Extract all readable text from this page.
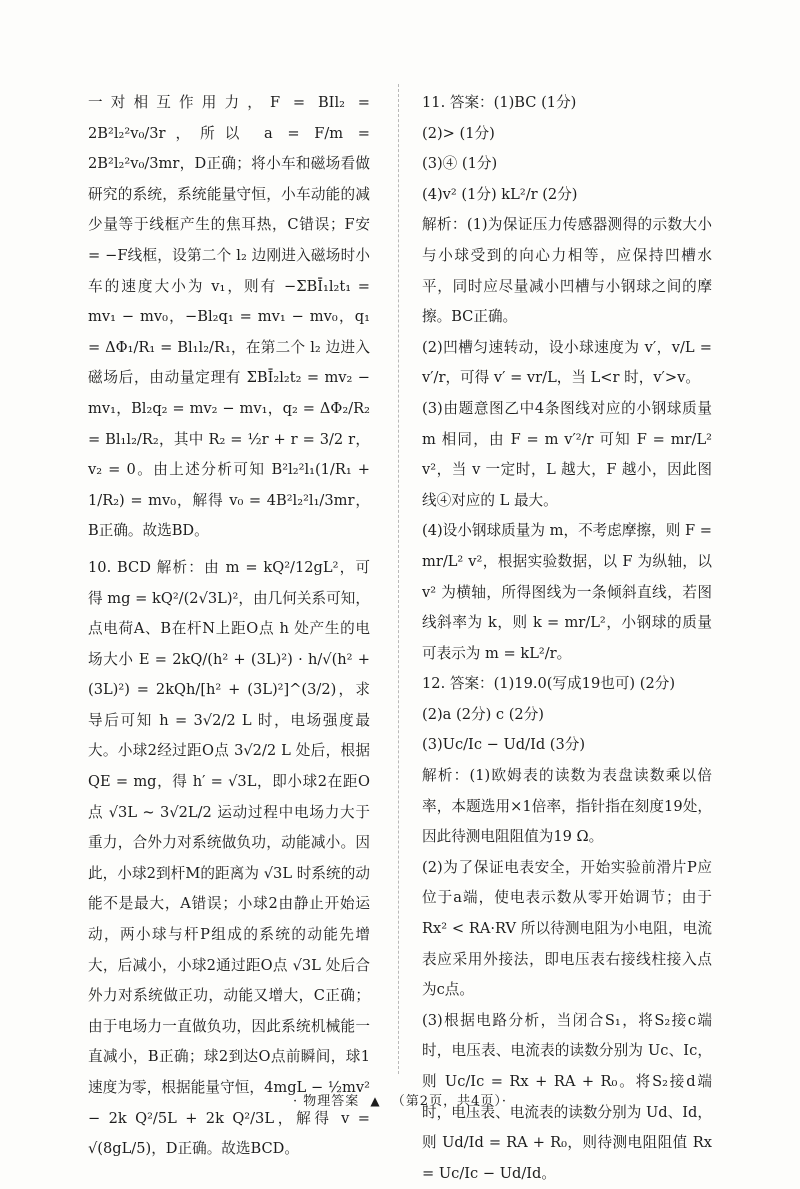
一对相互作用力，F = BIl₂ = 2B²l₂²v₀/3r，所以 a = F/m = 2B²l₂²v₀/3mr，D正确；将小车和磁场看做研究的系统，系统能量守恒，小车动能的减少量等于线框产生的焦耳热，C错误；F安 = −F线框，设第二个 l₂ 边刚进入磁场时小车的速度大小为 v₁，则有 −ΣBĪ₁l₂t₁ = mv₁ − mv₀，−Bl₂q₁ = mv₁ − mv₀，q₁ = ΔΦ₁/R₁ = Bl₁l₂/R₁，在第二个 l₂ 边进入磁场后，由动量定理有 ΣBĪ₂l₂t₂ = mv₂ − mv₁，Bl₂q₂ = mv₂ − mv₁，q₂ = ΔΦ₂/R₂ = Bl₁l₂/R₂，其中 R₂ = ½r + r = 3/2 r，v₂ = 0。由上述分析可知 B²l₂²l₁(1/R₁ + 1/R₂) = mv₀，解得 v₀ = 4B²l₂²l₁/3mr，B正确。故选BD。

10. BCD 解析：由 m = kQ²/12gL²，可得 mg = kQ²/(2√3L)²，由几何关系可知，点电荷A、B在杆N上距O点 h 处产生的电场大小 E = 2kQ/(h² + (3L)²) · h/√(h² + (3L)²) = 2kQh/[h² + (3L)²]^(3/2)，求导后可知 h = 3√2/2 L 时，电场强度最大。小球2经过距O点 3√2/2 L 处后，根据 QE = mg，得 h′ = √3L，即小球2在距O点 √3L ~ 3√2L/2 运动过程中电场力大于重力，合外力对系统做负功，动能减小。因此，小球2到杆M的距离为 √3L 时系统的动能不是最大，A错误；小球2由静止开始运动，两小球与杆P组成的系统的动能先增大，后减小，小球2通过距O点 √3L 处后合外力对系统做正功，动能又增大，C正确；由于电场力一直做负功，因此系统机械能一直减小，B正确；球2到达O点前瞬间，球1速度为零，根据能量守恒，4mgL − ½mv² − 2k Q²/5L + 2k Q²/3L，解得 v = √(8gL/5)，D正确。故选BCD。

11. 答案：(1)BC (1分)

(2)> (1分)

(3)④ (1分)

(4)v² (1分) kL²/r (2分)

解析：(1)为保证压力传感器测得的示数大小与小球受到的向心力相等，应保持凹槽水平，同时应尽量减小凹槽与小钢球之间的摩擦。BC正确。

(2)凹槽匀速转动，设小球速度为 v′，v/L = v′/r，可得 v′ = vr/L，当 L<r 时，v′>v。

(3)由题意图乙中4条图线对应的小钢球质量 m 相同，由 F = m v′²/r 可知 F = mr/L² v²，当 v 一定时，L 越大，F 越小，因此图线④对应的 L 最大。

(4)设小钢球质量为 m，不考虑摩擦，则 F = mr/L² v²，根据实验数据，以 F 为纵轴，以 v² 为横轴，所得图线为一条倾斜直线，若图线斜率为 k，则 k = mr/L²，小钢球的质量可表示为 m = kL²/r。

12. 答案：(1)19.0(写成19也可) (2分)

(2)a (2分) c (2分)

(3)Uc/Ic − Ud/Id (3分)

解析：(1)欧姆表的读数为表盘读数乘以倍率，本题选用×1倍率，指针指在刻度19处，因此待测电阻阻值为19 Ω。

(2)为了保证电表安全，开始实验前滑片P应位于a端，使电表示数从零开始调节；由于 Rx² < RA·RV 所以待测电阻为小电阻，电流表应采用外接法，即电压表右接线柱接入点为c点。

(3)根据电路分析，当闭合S₁，将S₂接c端时，电压表、电流表的读数分别为 Uc、Ic，则 Uc/Ic = Rx + RA + R₀。将S₂接d端时，电压表、电流表的读数分别为 Ud、Id，则 Ud/Id = RA + R₀，则待测电阻阻值 Rx = Uc/Ic − Ud/Id。

· 物理答案 ▲ （第2页，共4页）·
